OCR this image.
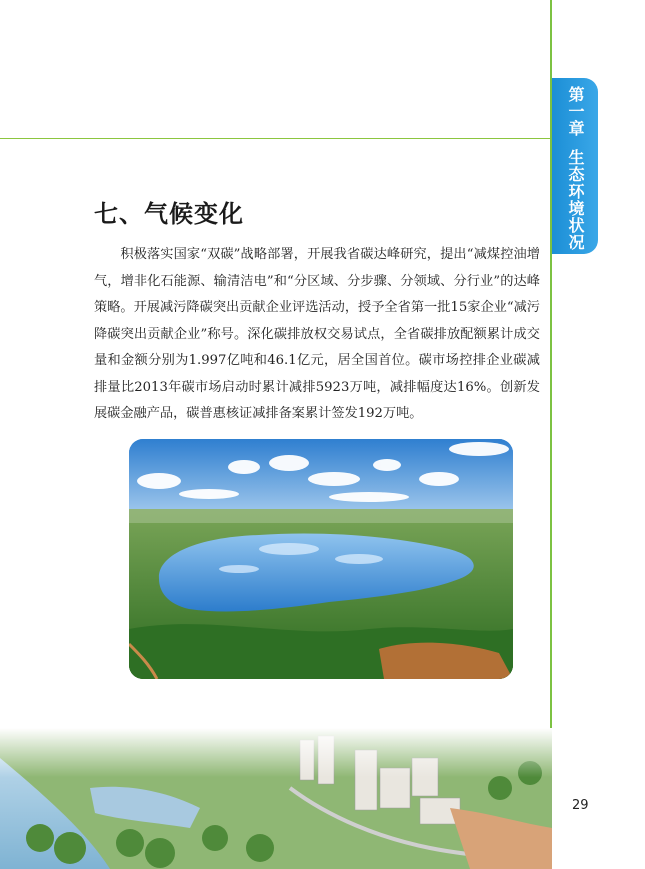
第一章生态环境状况
七、气候变化

积极落实国家“双碳”战略部署，开展我省碳达峰研究，提出“减煤控油增气，增非化石能源、输清洁电”和“分区域、分步骤、分领域、分行业”的达峰策略。开展减污降碳突出贡献企业评选活动，授予全省第一批15家企业“减污降碳突出贡献企业”称号。深化碳排放权交易试点，全省碳排放配额累计成交量和金额分别为1.997亿吨和46.1亿元，居全国首位。碳市场控排企业碳减排量比2013年碳市场启动时累计减排5923万吨，减排幅度达16%。创新发展碳金融产品，碳普惠核证减排备案累计签发192万吨。

29
